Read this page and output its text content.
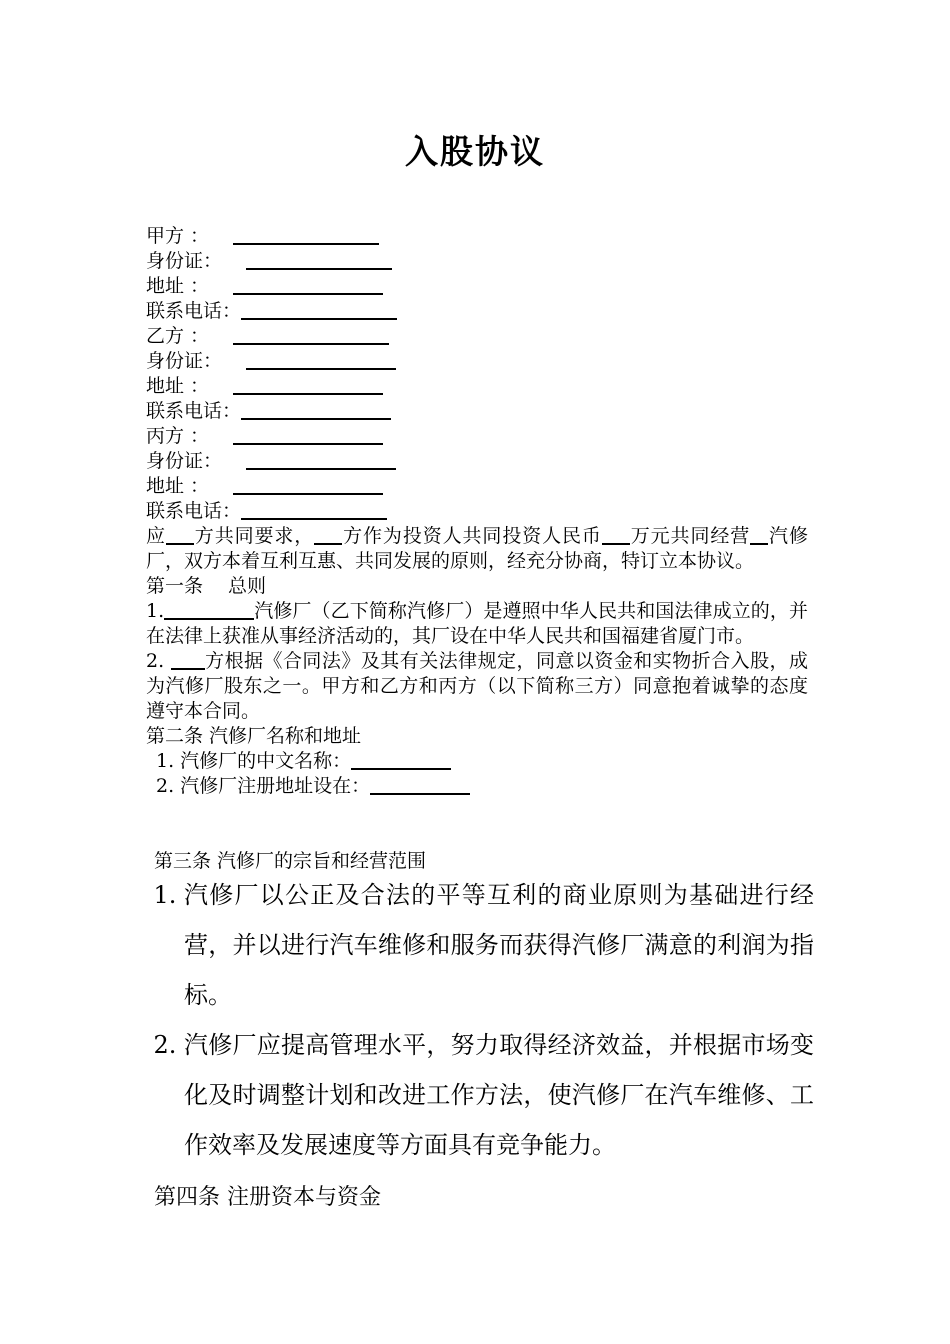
入股协议
甲方 ：
身份证：
地址 ：
联系电话：
乙方 ：
身份证：
地址 ：
联系电话：
丙方 ：
身份证：
地址 ：
联系电话：
应 方共同要求， 方作为投资人共同投资人民币 万元共同经营 汽修厂，双方本着互利互惠、共同发展的原则，经充分协商，特订立本协议。
第一条　 总则
1.	汽修厂（乙下简称汽修厂）是遵照中华人民共和国法律成立的，并在法律上获准从事经济活动的，其厂设在中华人民共和国福建省厦门市。
2. 方根据《合同法》及其有关法律规定，同意以资金和实物折合入股，成为汽修厂股东之一。甲方和乙方和丙方（以下简称三方）同意抱着诚挚的态度遵守本合同。
第二条 汽修厂名称和地址
1. 汽修厂的中文名称：
2. 汽修厂注册地址设在：
第三条 汽修厂的宗旨和经营范围
1. 汽修厂以公正及合法的平等互利的商业原则为基础进行经营，并以进行汽车维修和服务而获得汽修厂满意的利润为指标。
2. 汽修厂应提高管理水平，努力取得经济效益，并根据市场变化及时调整计划和改进工作方法，使汽修厂在汽车维修、工作效率及发展速度等方面具有竞争能力。
第四条 注册资本与资金
